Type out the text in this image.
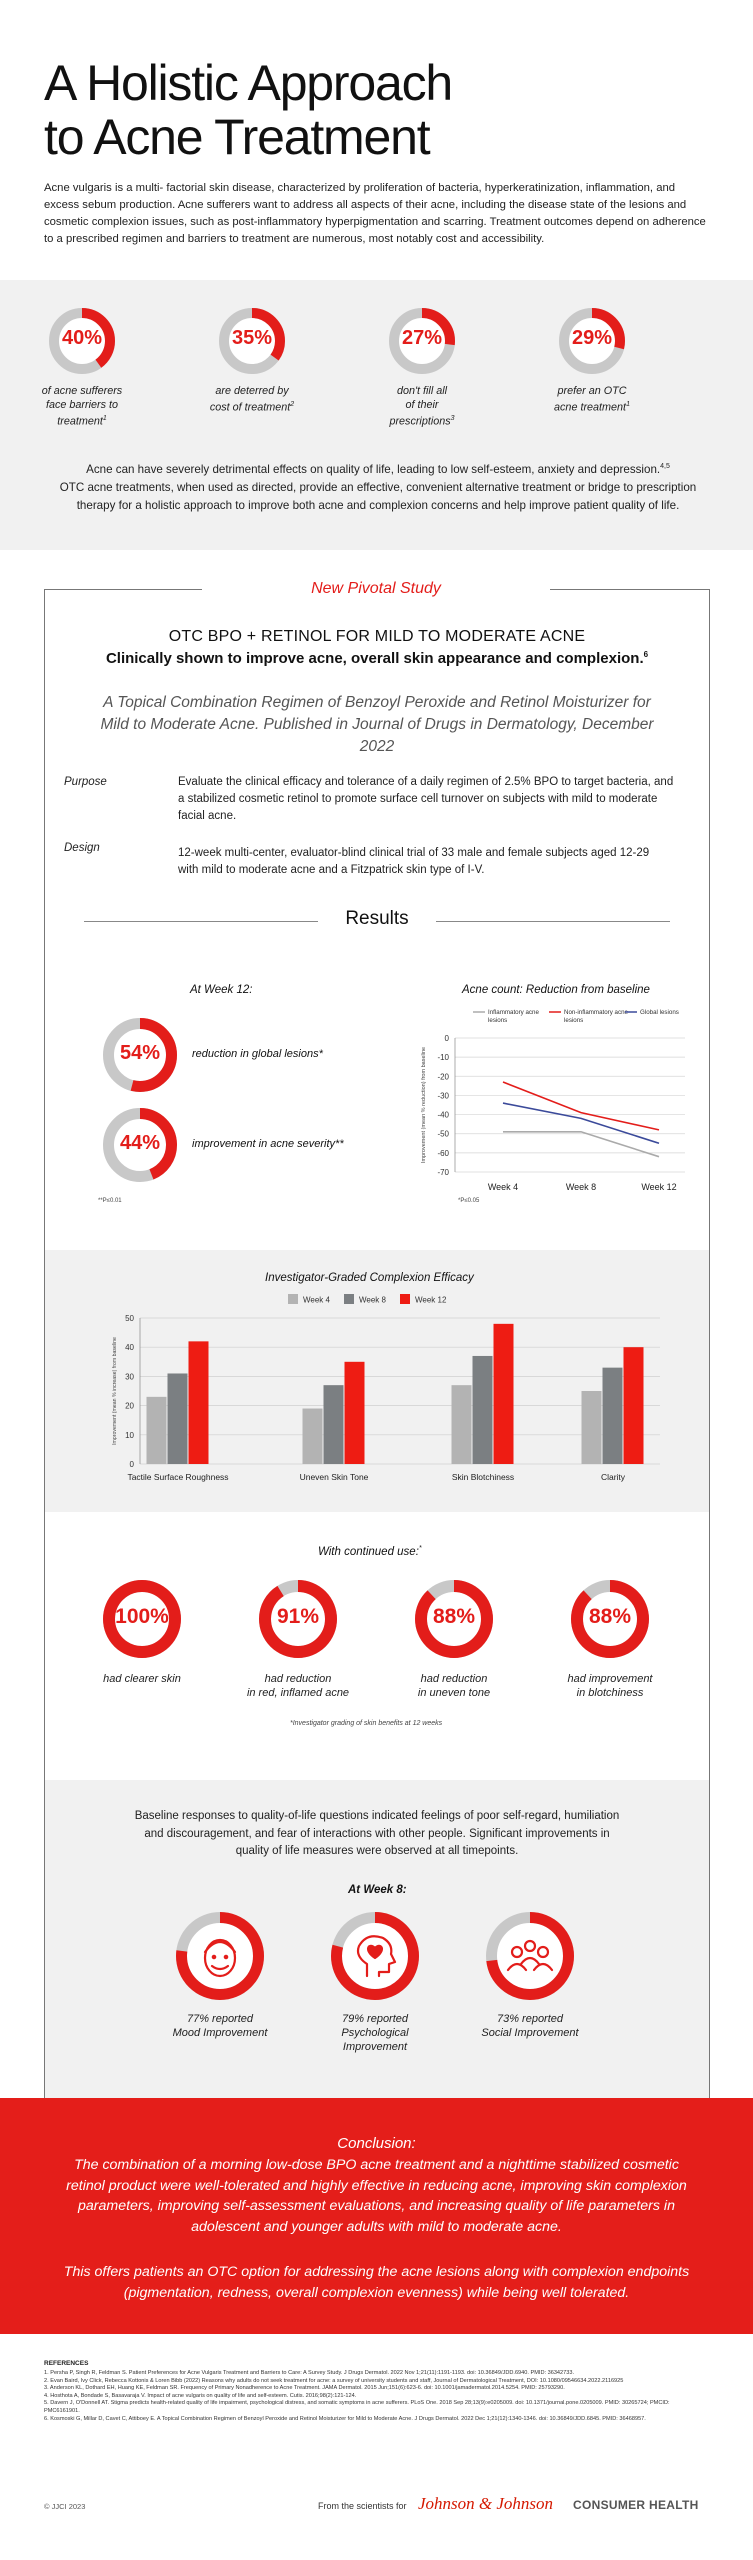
A Holistic Approach
to Acne Treatment

Acne vulgaris is a multi- factorial skin disease, characterized by proliferation of bacteria, hyperkeratinization, inflammation, and excess sebum production. Acne sufferers want to address all aspects of their acne, including the disease state of the lesions and cosmetic complexion issues, such as post-inflammatory hyperpigmentation and scarring. Treatment outcomes depend on adherence to a prescribed regimen and barriers to treatment are numerous, most notably cost and accessibility.

Acne can have severely detrimental effects on quality of life, leading to low self-esteem, anxiety and depression.$^{4,5}$
OTC acne treatments, when used as directed, provide an effective, convenient alternative treatment or bridge to prescription therapy for a holistic approach to improve both acne and complexion concerns and help improve patient quality of life.
New Pivotal Study
OTC BPO + RETINOL FOR MILD TO MODERATE ACNE
Clinically shown to improve acne, overall skin appearance and complexion.$^6$
A Topical Combination Regimen of Benzoyl Peroxide and Retinol Moisturizer for
Mild to Moderate Acne. Published in Journal of Drugs in Dermatology, December 2022
Purpose	Evaluate the clinical efficacy and tolerance of a daily regimen of 2.5% BPO to target bacteria, and a stabilized cosmetic retinol to promote surface cell turnover on subjects with mild to moderate facial acne.
Design	12-week multi-center, evaluator-blind clinical trial of 33 male and female subjects aged 12-29 with mild to moderate acne and a Fitzpatrick skin type of I-V.
Results
At Week 12:
**P≤0.01
Acne count: Reduction from baseline
0
-10
-20
-30
-40
-50
-60
-70
Improvement (mean % reduction) from baseline
Week 4	Week 8	Week 12
Inflammatory acne lesions
Non-inflammatory acne lesions
Global lesions
*P≤0.05
Investigator-Graded Complexion Efficacy
0
10
20
30
40
50
Improvement (mean % increase) from baseline
Tactile Surface Roughness	Uneven Skin Tone	Skin Blotchiness	Clarity
Week 4	Week 8	Week 12
With continued use:*
*Investigator grading of skin benefits at 12 weeks
Baseline responses to quality-of-life questions indicated feelings of poor self-regard, humiliation and discouragement, and fear of interactions with other people. Significant improvements in quality of life measures were observed at all timepoints.
At Week 8:
Conclusion:
The combination of a morning low-dose BPO acne treatment and a nighttime stabilized cosmetic retinol product were well-tolerated and highly effective in reducing acne, improving skin complexion parameters, improving self-assessment evaluations, and increasing quality of life parameters in adolescent and younger adults with mild to moderate acne.
This offers patients an OTC option for addressing the acne lesions along with complexion endpoints (pigmentation, redness, overall complexion evenness) while being well tolerated.
REFERENCES
1. Persha P, Singh R, Feldman S. Patient Preferences for Acne Vulgaris Treatment and Barriers to Care: A Survey Study. J Drugs Dermatol. 2022 Nov 1;21(11):1191-1193. doi: 10.36849/JDD.6940. PMID: 36342733.
2. Evan Baird, Ivy Click, Rebecca Kottonis & Loren Bibb (2022) Reasons why adults do not seek treatment for acne: a survey of university students and staff, Journal of Dermatological Treatment, DOI: 10.1080/09546634.2022.2116925
3. Anderson KL, Dothard EH, Huang KE, Feldman SR. Frequency of Primary Nonadherence to Acne Treatment. JAMA Dermatol. 2015 Jun;151(6):623-6. doi: 10.1001/jamadermatol.2014.5254. PMID: 25793290.
4. Hosthota A, Bondade S, Basavaraja V. Impact of acne vulgaris on quality of life and self-esteem. Cutis. 2016;98(2):121-124.
5. Davern J, O'Donnell AT. Stigma predicts health-related quality of life impairment, psychological distress, and somatic symptoms in acne sufferers. PLoS One. 2018 Sep 28;13(9):e0205009. doi: 10.1371/journal.pone.0205009. PMID: 30265724; PMCID: PMC6161901.
6. Kosmoski G, Millar D, Cavet C, Attiboey E. A Topical Combination Regimen of Benzoyl Peroxide and Retinol Moisturizer for Mild to Moderate Acne. J Drugs Dermatol. 2022 Dec 1;21(12):1340-1346. doi: 10.36849/JDD.6845. PMID: 36468957.
© JJCI 2023	From the scientists for Johnson & Johnson CONSUMER HEALTH
40%
of acne sufferers
face barriers to treatment$^1$
35%
are deterred by
cost of treatment$^2$
27%
don't fill all
of their prescriptions$^3$
29%
prefer an OTC
acne treatment$^1$
54%	reduction in global lesions*
44%	improvement in acne severity**
100%
had clearer skin
91%
had reduction
in red, inflamed acne
88%
had reduction
in uneven tone
88%
had improvement
in blotchiness
77% reported
Mood Improvement
79% reported
Psychological Improvement
73% reported
Social Improvement
